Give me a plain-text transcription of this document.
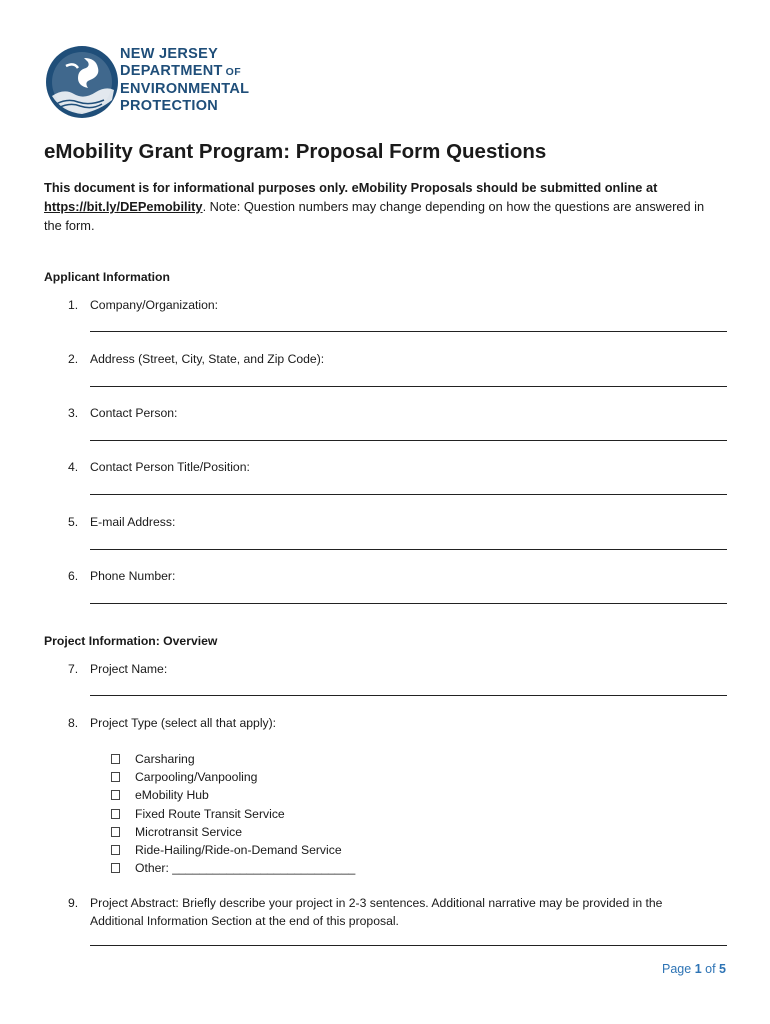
NEW JERSEY
DEPARTMENT OF
ENVIRONMENTAL
PROTECTION
eMobility Grant Program: Proposal Form Questions
This document is for informational purposes only. eMobility Proposals should be submitted online at https://bit.ly/DEPemobility. Note: Question numbers may change depending on how the questions are answered in the form.
Applicant Information
1. Company/Organization:
2. Address (Street, City, State, and Zip Code):
3. Contact Person:
4. Contact Person Title/Position:
5. E-mail Address:
6. Phone Number:
Project Information: Overview
7. Project Name:
8. Project Type (select all that apply):
Carsharing
Carpooling/Vanpooling
eMobility Hub
Fixed Route Transit Service
Microtransit Service
Ride-Hailing/Ride-on-Demand Service
Other: ___________________________
9. Project Abstract: Briefly describe your project in 2-3 sentences. Additional narrative may be provided in the Additional Information Section at the end of this proposal.
Page 1 of 5
